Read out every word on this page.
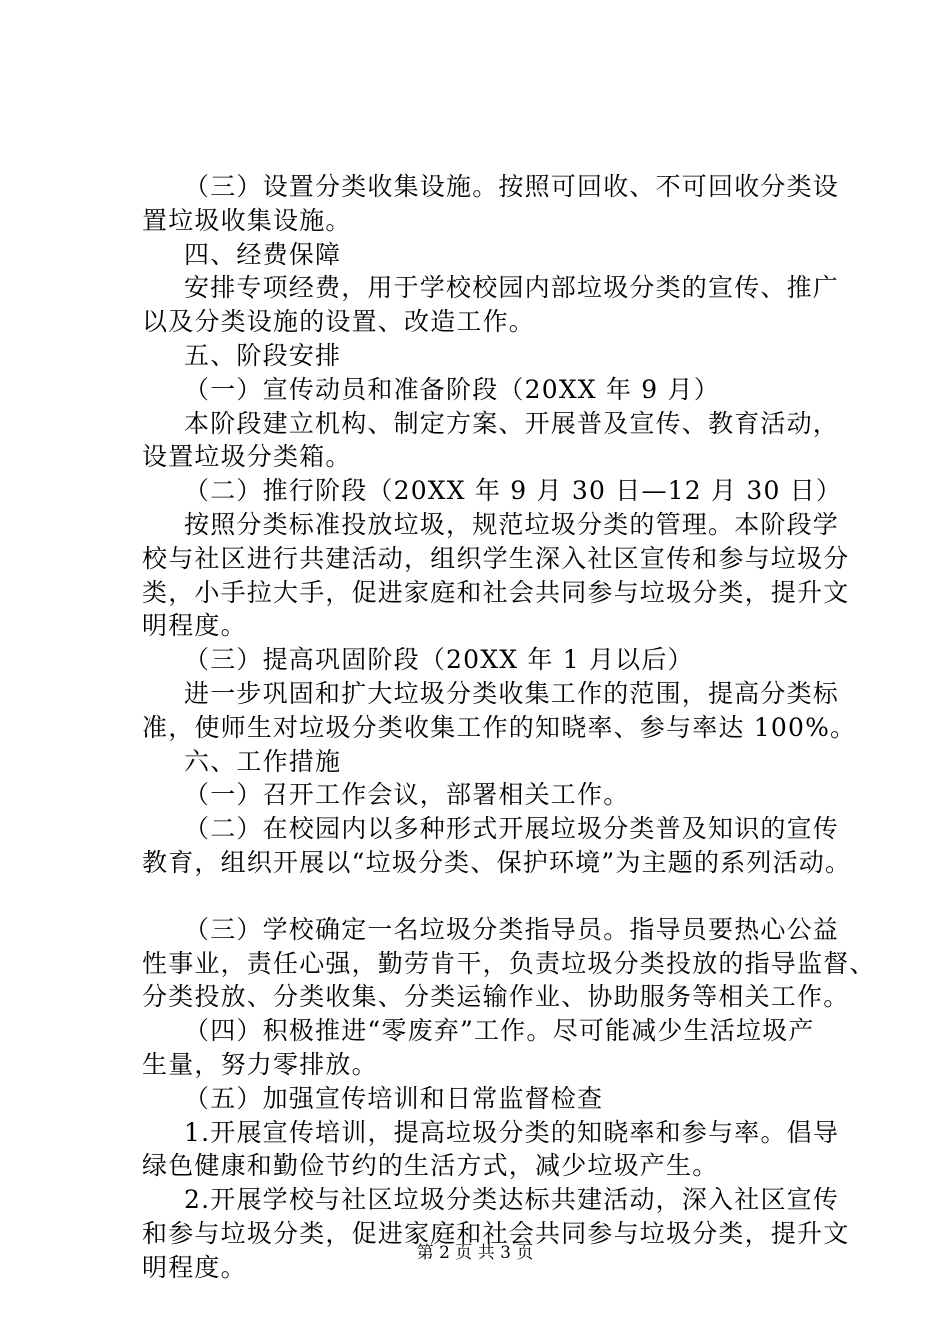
（三）设置分类收集设施。按照可回收、不可回收分类设
置垃圾收集设施。
四、经费保障
安排专项经费，用于学校校园内部垃圾分类的宣传、推广
以及分类设施的设置、改造工作。
五、阶段安排
（一）宣传动员和准备阶段（20XX 年 9 月）
本阶段建立机构、制定方案、开展普及宣传、教育活动，
设置垃圾分类箱。
（二）推行阶段（20XX 年 9 月 30 日—12 月 30 日）
按照分类标准投放垃圾，规范垃圾分类的管理。本阶段学
校与社区进行共建活动，组织学生深入社区宣传和参与垃圾分
类，小手拉大手，促进家庭和社会共同参与垃圾分类，提升文
明程度。
（三）提高巩固阶段（20XX 年 1 月以后）
进一步巩固和扩大垃圾分类收集工作的范围，提高分类标
准，使师生对垃圾分类收集工作的知晓率、参与率达 100%。
六、工作措施
（一）召开工作会议，部署相关工作。
（二）在校园内以多种形式开展垃圾分类普及知识的宣传
教育，组织开展以“垃圾分类、保护环境”为主题的系列活动。
（三）学校确定一名垃圾分类指导员。指导员要热心公益
性事业，责任心强，勤劳肯干，负责垃圾分类投放的指导监督、
分类投放、分类收集、分类运输作业、协助服务等相关工作。
（四）积极推进“零废弃”工作。尽可能减少生活垃圾产
生量，努力零排放。
（五）加强宣传培训和日常监督检查
1.开展宣传培训，提高垃圾分类的知晓率和参与率。倡导
绿色健康和勤俭节约的生活方式，减少垃圾产生。
2.开展学校与社区垃圾分类达标共建活动，深入社区宣传
和参与垃圾分类，促进家庭和社会共同参与垃圾分类，提升文
明程度。	第 2 页 共 3 页
